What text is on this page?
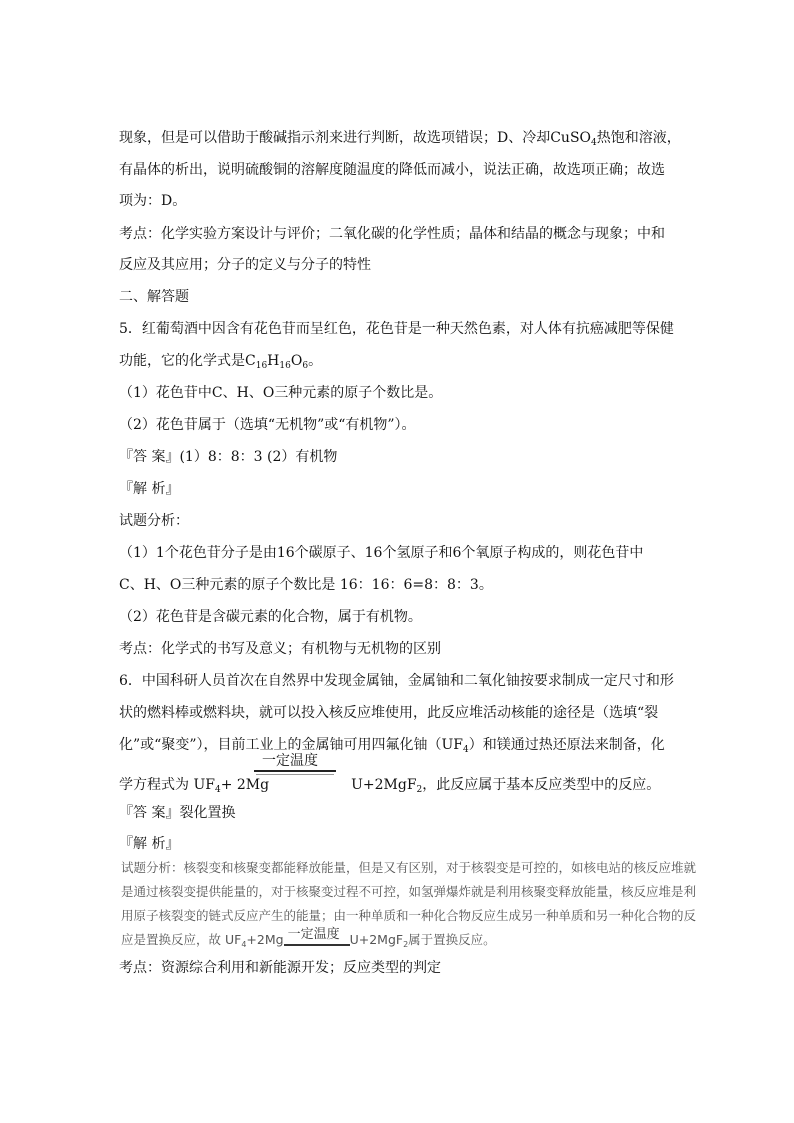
现象，但是可以借助于酸碱指示剂来进行判断，故选项错误；D、冷却CuSO$_4$热饱和溶液，
有晶体的析出，说明硫酸铜的溶解度随温度的降低而减小，说法正确，故选项正确；故选
项为：D。
考点：化学实验方案设计与评价；二氧化碳的化学性质；晶体和结晶的概念与现象；中和
反应及其应用；分子的定义与分子的特性
二、解答题
5．红葡萄酒中因含有花色苷而呈红色，花色苷是一种天然色素，对人体有抗癌减肥等保健
功能，它的化学式是$C_{16}H_{16}O_6$。
（1）花色苷中C、H、O三种元素的原子个数比是。
（2）花色苷属于（选填“无机物”或“有机物”）。
『答 案』(1）8：8：3 (2）有机物
『解 析』
试题分析：
（1）1个花色苷分子是由16个碳原子、16个氢原子和6个氧原子构成的，则花色苷中
C、H、O三种元素的原子个数比是 16：16：6=8：8：3。
（2）花色苷是含碳元素的化合物，属于有机物。
考点：化学式的书写及意义；有机物与无机物的区别
6．中国科研人员首次在自然界中发现金属铀，金属铀和二氧化铀按要求制成一定尺寸和形
状的燃料棒或燃料块，就可以投入核反应堆使用，此反应堆活动核能的途径是（选填“裂
化”或“聚变”），目前工业上的金属铀可用四氟化铀$(UF_4)$和镁通过热还原法来制备，化
学方程式为 $UF_4+ 2Mg$	U+2MgF$_2$，此反应属于基本反应类型中的反应。
一定温度
『答 案』裂化置换
『解 析』
试题分析：核裂变和核聚变都能释放能量，但是又有区别，对于核裂变是可控的，如核电站的核反应堆就
是通过核裂变提供能量的，对于核聚变过程不可控，如氢弹爆炸就是利用核聚变释放能量，核反应堆是利
用原子核裂变的链式反应产生的能量；由一种单质和一种化合物反应生成另一种单质和另一种化合物的反
应是置换反应，故 $UF_4+2Mg$ 一定温度 U+2MgF$_2$属于置换反应。
考点：资源综合利用和新能源开发；反应类型的判定
